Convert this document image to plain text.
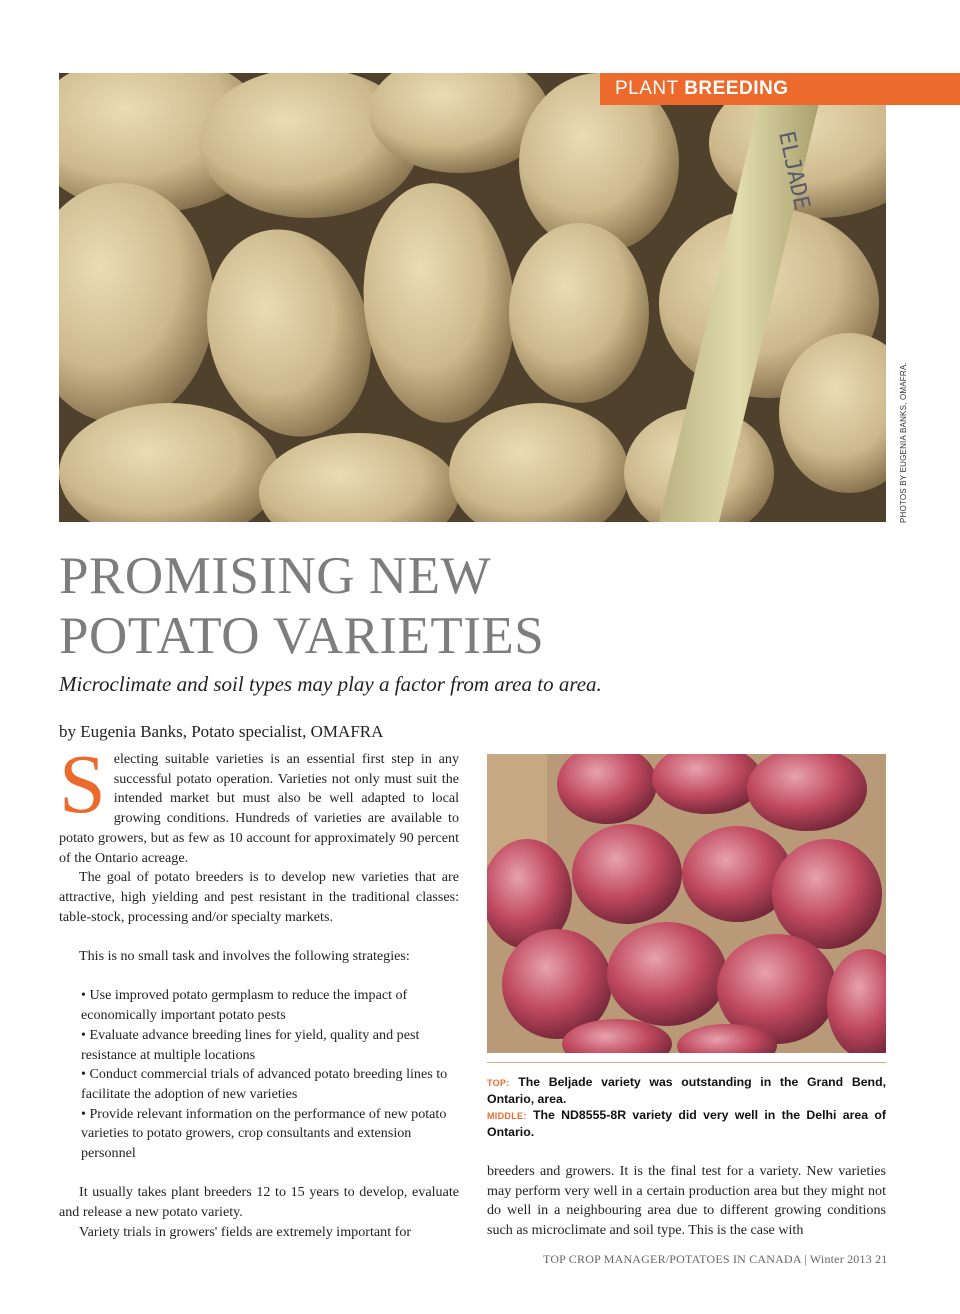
ELJADE
PLANT BREEDING
PHOTOS BY EUGENIA BANKS, OMAFRA.
PROMISING NEW
POTATO VARIETIES
Microclimate and soil types may play a factor from area to area.
by Eugenia Banks, Potato specialist, OMAFRA
S electing suitable varieties is an essential first step in any successful potato operation. Varieties not only must suit the intended market but must also be well adapted to local growing conditions. Hundreds of varieties are available to potato growers, but as few as 10 account for approximately 90 percent of the Ontario acreage.

The goal of potato breeders is to develop new varieties that are attractive, high yielding and pest resistant in the traditional classes: table-stock, processing and/or specialty markets.

This is no small task and involves the following strategies:

• Use improved potato germplasm to reduce the impact of economically important potato pests
• Evaluate advance breeding lines for yield, quality and pest resistance at multiple locations
• Conduct commercial trials of advanced potato breeding lines to facilitate the adoption of new varieties
• Provide relevant information on the performance of new potato varieties to potato growers, crop consultants and extension personnel

It usually takes plant breeders 12 to 15 years to develop, evaluate and release a new potato variety.

Variety trials in growers' fields are extremely important for

TOP: The Beljade variety was outstanding in the Grand Bend, Ontario, area.

MIDDLE: The ND8555-8R variety did very well in the Delhi area of Ontario.

breeders and growers. It is the final test for a variety. New varieties may perform very well in a certain production area but they might not do well in a neighbouring area due to different growing conditions such as microclimate and soil type. This is the case with
TOP CROP MANAGER/POTATOES IN CANADA | Winter 2013 21
